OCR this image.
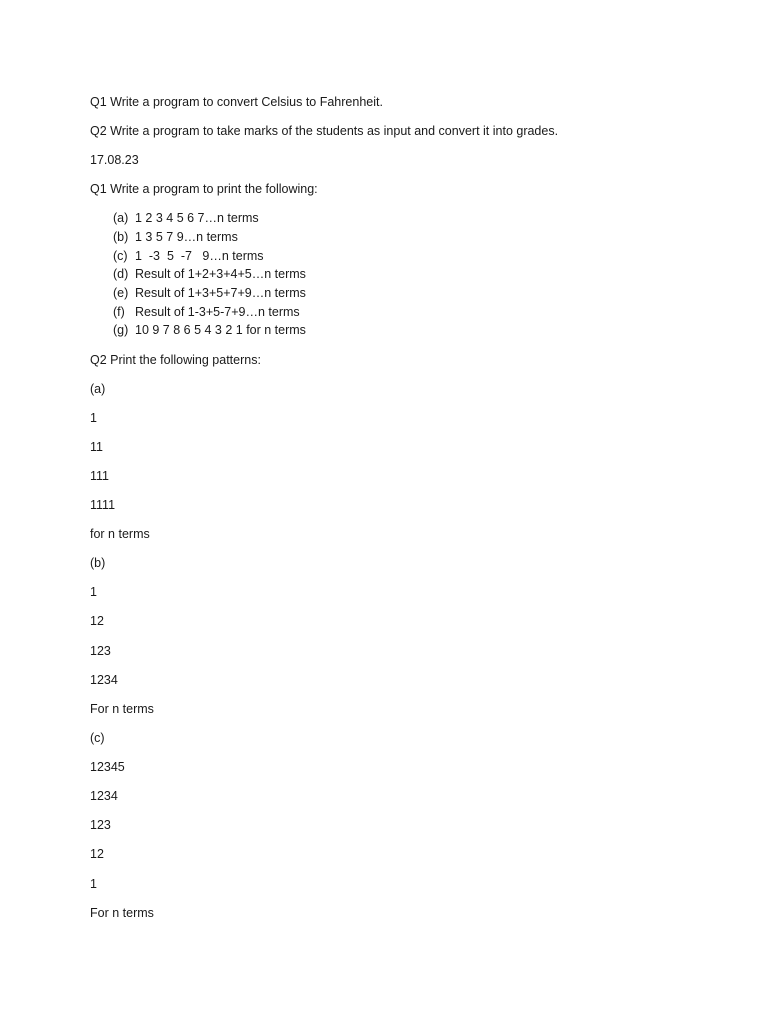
Q1 Write a program to convert Celsius to Fahrenheit.

Q2 Write a program to take marks of the students as input and convert it into grades.

17.08.23

Q1 Write a program to print the following:

(a) 1 2 3 4 5 6 7…n terms

(b) 1 3 5 7 9…n terms

(c) 1  -3  5  -7   9…n terms

(d) Result of 1+2+3+4+5…n terms

(e) Result of 1+3+5+7+9…n terms

(f) Result of 1-3+5-7+9…n terms

(g) 10 9 7 8 6 5 4 3 2 1 for n terms

Q2 Print the following patterns:

(a)

1

11

111

1111

for n terms

(b)

1

12

123

1234

For n terms

(c)

12345

1234

123

12

1

For n terms
